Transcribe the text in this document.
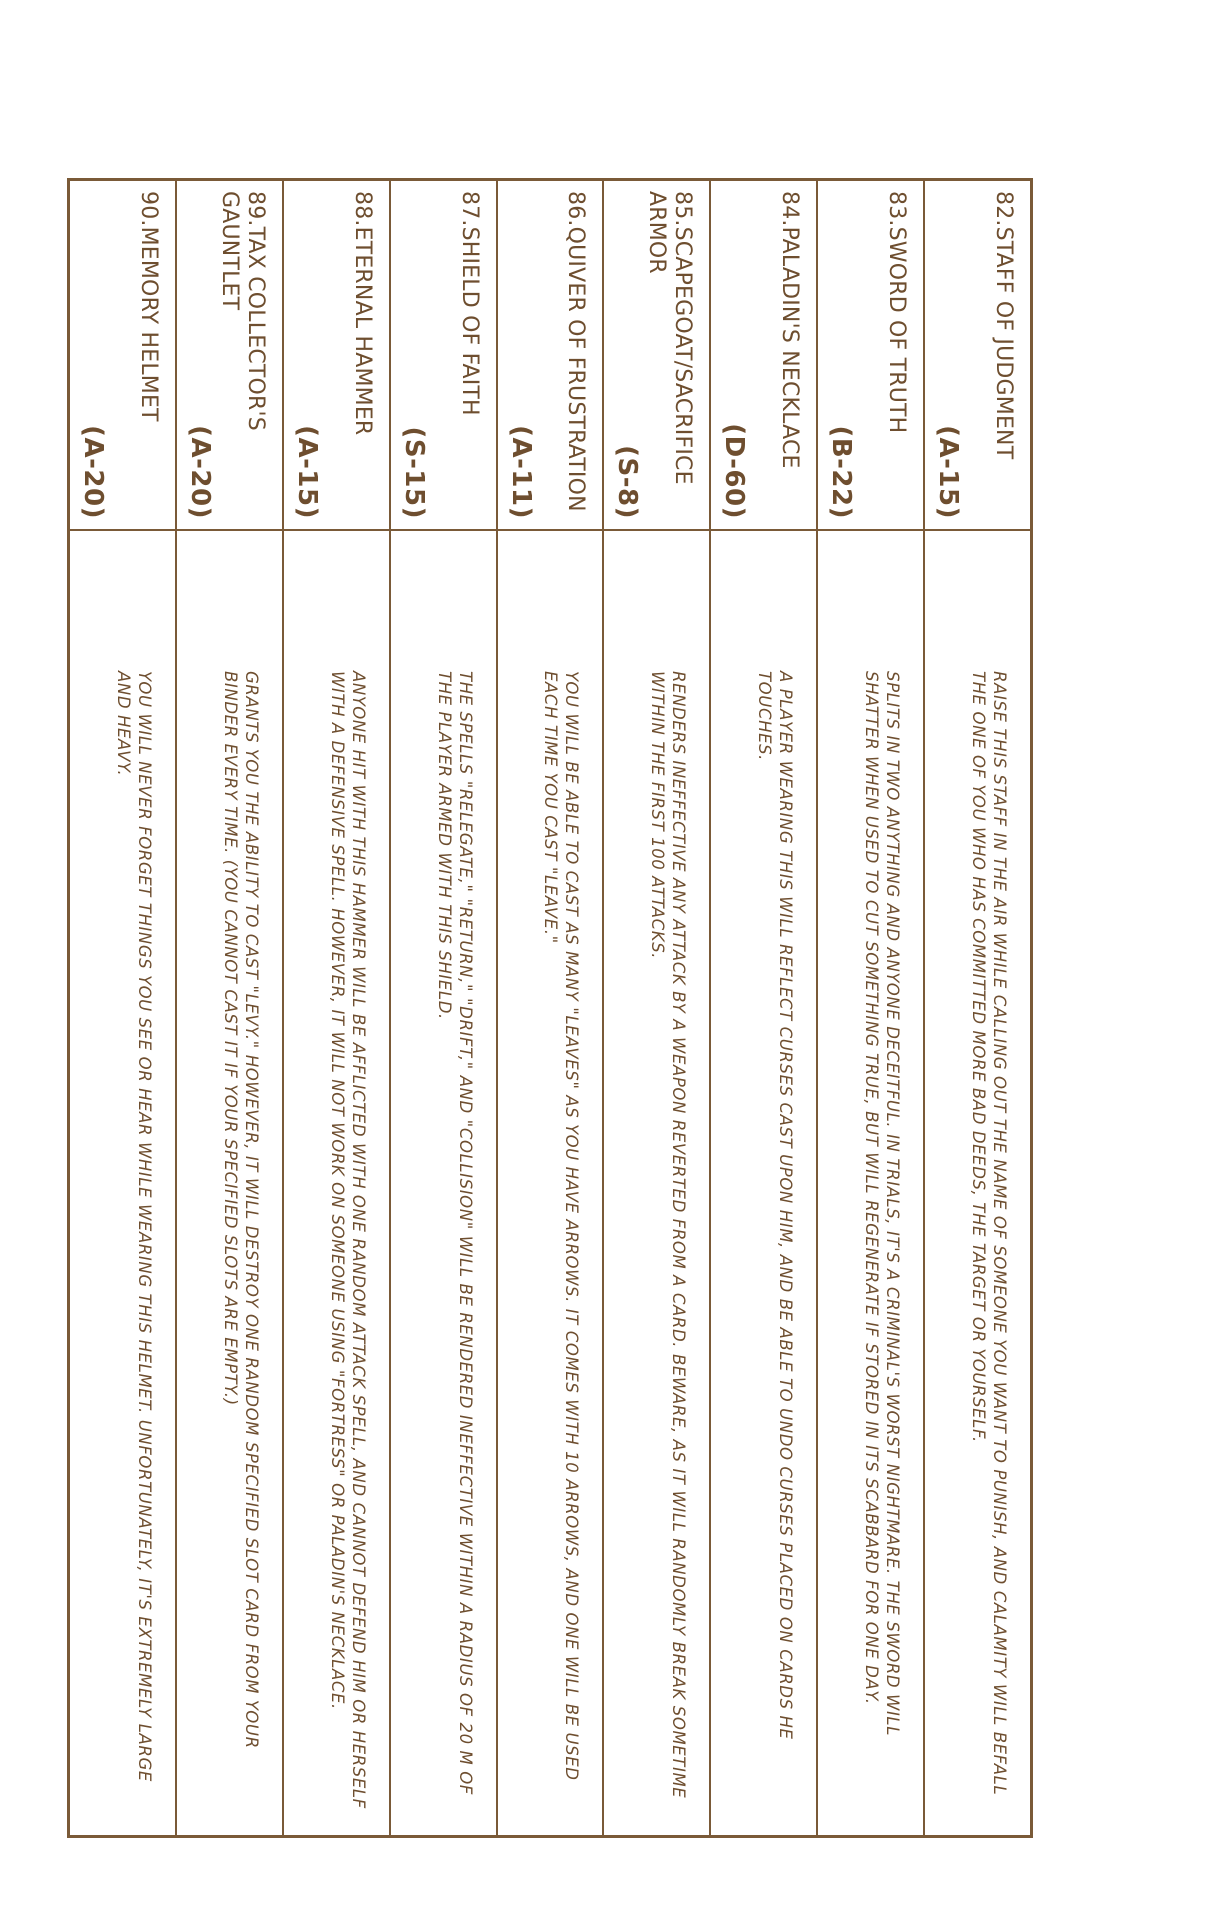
82.STAFF OF JUDGMENT
(A-15)
RAISE THIS STAFF IN THE AIR WHILE CALLING OUT THE NAME OF SOMEONE YOU WANT TO PUNISH, AND CALAMITY WILL BEFALL THE ONE OF YOU WHO HAS COMMITTED MORE BAD DEEDS, THE TARGET OR YOURSELF.
83.SWORD OF TRUTH
(B-22)
SPLITS IN TWO ANYTHING AND ANYONE DECEITFUL. IN TRIALS, IT'S A CRIMINAL'S WORST NIGHTMARE. THE SWORD WILL SHATTER WHEN USED TO CUT SOMETHING TRUE, BUT WILL REGENERATE IF STORED IN ITS SCABBARD FOR ONE DAY.
84.PALADIN'S NECKLACE
(D-60)
A PLAYER WEARING THIS WILL REFLECT CURSES CAST UPON HIM, AND BE ABLE TO UNDO CURSES PLACED ON CARDS HE TOUCHES.
85.SCAPEGOAT/SACRIFICE ARMOR
(S-8)
RENDERS INEFFECTIVE ANY ATTACK BY A WEAPON REVERTED FROM A CARD. BEWARE, AS IT WILL RANDOMLY BREAK SOMETIME WITHIN THE FIRST 100 ATTACKS.
86.QUIVER OF FRUSTRATION
(A-11)
YOU WILL BE ABLE TO CAST AS MANY "LEAVES" AS YOU HAVE ARROWS. IT COMES WITH 10 ARROWS, AND ONE WILL BE USED EACH TIME YOU CAST "LEAVE."
87.SHIELD OF FAITH
(S-15)
THE SPELLS "RELEGATE," "RETURN," "DRIFT," AND "COLLISION" WILL BE RENDERED INEFFECTIVE WITHIN A RADIUS OF 20 M OF THE PLAYER ARMED WITH THIS SHIELD.
88.ETERNAL HAMMER
(A-15)
ANYONE HIT WITH THIS HAMMER WILL BE AFFLICTED WITH ONE RANDOM ATTACK SPELL, AND CANNOT DEFEND HIM OR HERSELF WITH A DEFENSIVE SPELL. HOWEVER, IT WILL NOT WORK ON SOMEONE USING "FORTRESS" OR PALADIN'S NECKLACE.
89.TAX COLLECTOR'S GAUNTLET
(A-20)
GRANTS YOU THE ABILITY TO CAST "LEVY." HOWEVER, IT WILL DESTROY ONE RANDOM SPECIFIED SLOT CARD FROM YOUR BINDER EVERY TIME. (YOU CANNOT CAST IT IF YOUR SPECIFIED SLOTS ARE EMPTY.)
90.MEMORY HELMET
(A-20)
YOU WILL NEVER FORGET THINGS YOU SEE OR HEAR WHILE WEARING THIS HELMET. UNFORTUNATELY, IT'S EXTREMELY LARGE AND HEAVY.
